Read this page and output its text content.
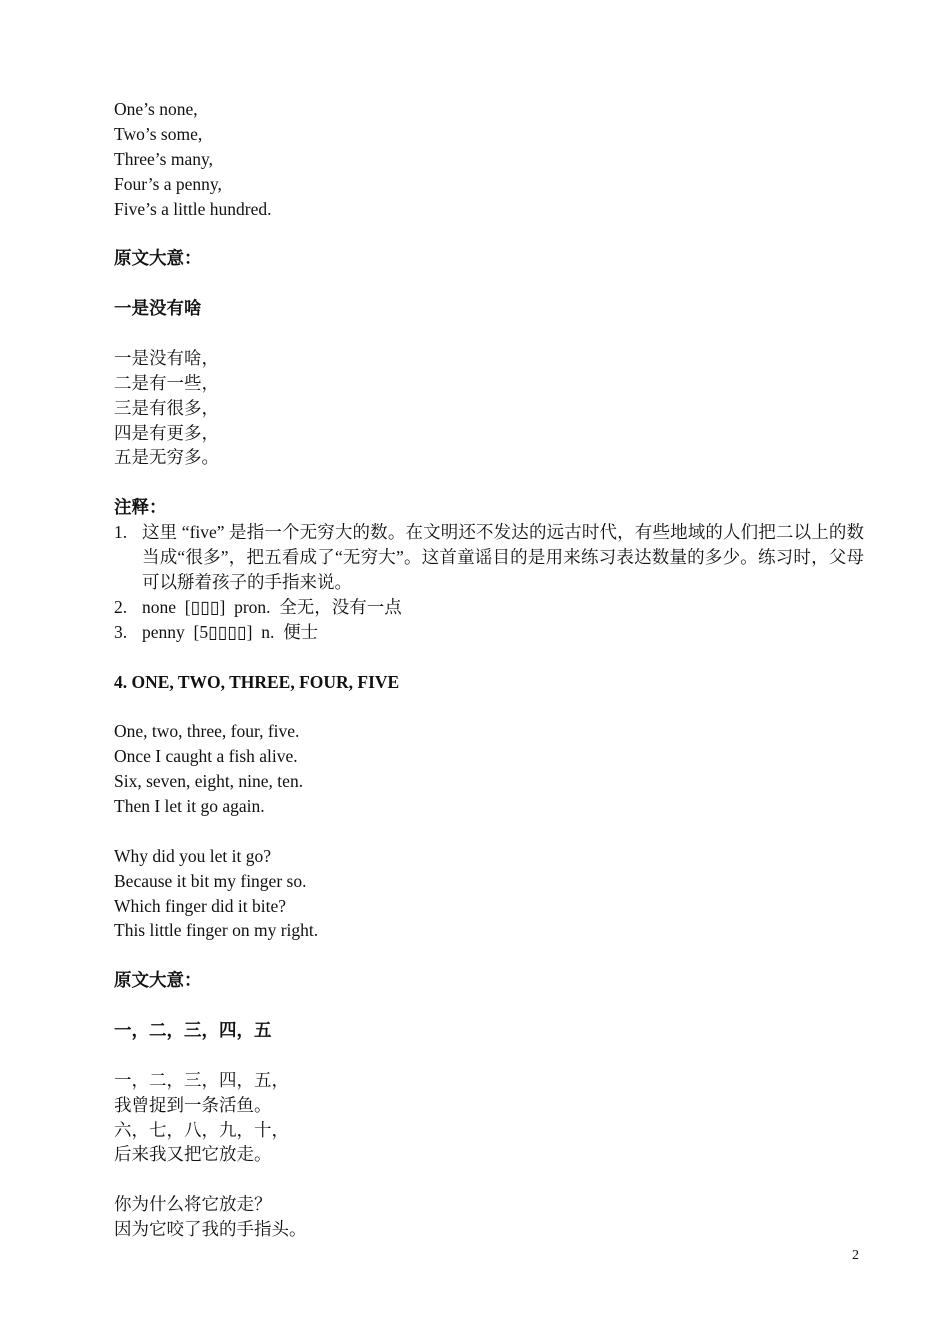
One’s none,
Two’s some,
Three’s many,
Four’s a penny,
Five’s a little hundred.
原文大意：
一是没有啥
一是没有啥，
二是有一些，
三是有很多，
四是有更多，
五是无穷多。
注释：
1. 这里 “five” 是指一个无穷大的数。在文明还不发达的远古时代，有些地域的人们把二以上的数当成“很多”，把五看成了“无穷大”。这首童谣目的是用来练习表达数量的多少。练习时，父母可以掰着孩子的手指来说。
2. none  [▯▯▯]  pron.  全无，没有一点
3. penny  [5▯▯▯▯]  n.  便士
4. ONE, TWO, THREE, FOUR, FIVE
One, two, three, four, five.
Once I caught a fish alive.
Six, seven, eight, nine, ten.
Then I let it go again.
Why did you let it go?
Because it bit my finger so.
Which finger did it bite?
This little finger on my right.
原文大意：
一，二，三，四，五
一，二，三，四，五，
我曾捉到一条活鱼。
六，七，八，九，十，
后来我又把它放走。
你为什么将它放走？
因为它咬了我的手指头。
2
